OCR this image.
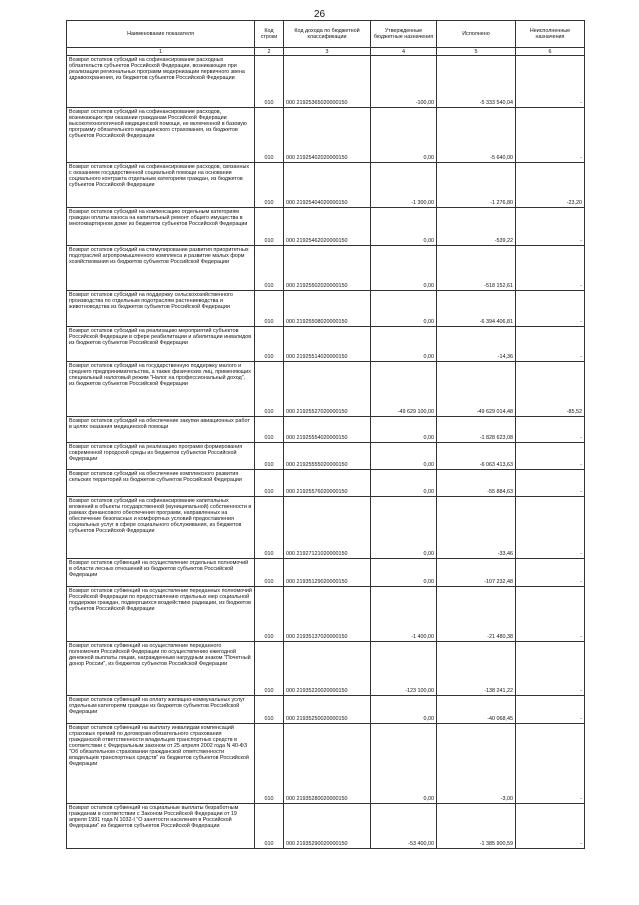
26
Наименование показателя	Код строки	Код дохода по бюджетной классификации	Утвержденные бюджетные назначения	Исполнено	Неисполненные назначения
1	2	3	4	5	6
Возврат остатков субсидий на софинансирование расходных обязательств субъектов Российской Федерации, возникающих при реализации региональных программ модернизации первичного звена здравоохранения, из бюджетов субъектов Российской Федерации	010	000 21925365020000150	-100,00	-5 333 540,04	-
Возврат остатков субсидий на софинансирование расходов, возникающих при оказании гражданам Российской Федерации высокотехнологичной медицинской помощи, не включенной в базовую программу обязательного медицинского страхования, из бюджетов субъектов Российской Федерации	010	000 21925402020000150	0,00	-5 640,00	-
Возврат остатков субсидий на софинансирование расходов, связанных с оказанием государственной социальной помощи на основании социального контракта отдельным категориям граждан, из бюджетов субъектов Российской Федерации	010	000 21925404020000150	-1 300,00	-1 276,80	-23,20
Возврат остатков субсидий на компенсацию отдельным категориям граждан оплаты взноса на капитальный ремонт общего имущества в многоквартирном доме из бюджетов субъектов Российской Федерации	010	000 21925462020000150	0,00	-539,22	-
Возврат остатков субсидий на стимулирование развития приоритетных подотраслей агропромышленного комплекса и развитие малых форм хозяйствования из бюджетов субъектов Российской Федерации	010	000 21925502020000150	0,00	-518 152,61	-
Возврат остатков субсидий на поддержку сельскохозяйственного производства по отдельным подотраслям растениеводства и животноводства из бюджетов субъектов Российской Федерации	010	000 21925508020000150	0,00	-6 394 406,81	-
Возврат остатков субсидий на реализацию мероприятий субъектов Российской Федерации в сфере реабилитации и абилитации инвалидов из бюджетов субъектов Российской Федерации	010	000 21925514020000150	0,00	-14,36	-
Возврат остатков субсидий на государственную поддержку малого и среднего предпринимательства, а также физических лиц, применяющих специальный налоговый режим "Налог на профессиональный доход", из бюджетов субъектов Российской Федерации	010	000 21925527020000150	-49 629 100,00	-49 629 014,48	-85,52
Возврат остатков субсидий на обеспечение закупки авиационных работ в целях оказания медицинской помощи	010	000 21925554020000150	0,00	-1 828 623,08	-
Возврат остатков субсидий на реализацию программ формирования современной городской среды из бюджетов субъектов Российской Федерации	010	000 21925555020000150	0,00	-6 063 413,63	-
Возврат остатков субсидий на обеспечение комплексного развития сельских территорий из бюджетов субъектов Российской Федерации	010	000 21925576020000150	0,00	-55 884,63	-
Возврат остатков субсидий на софинансирование капитальных вложений в объекты государственной (муниципальной) собственности в рамках финансового обеспечения программ, направленных на обеспечение безопасных и комфортных условий предоставления социальных услуг в сфере социального обслуживания, из бюджетов субъектов Российской Федерации	010	000 21927121020000150	0,00	-33,46	-
Возврат остатков субвенций на осуществление отдельных полномочий в области лесных отношений из бюджетов субъектов Российской Федерации	010	000 21935129020000150	0,00	-107 232,48	-
Возврат остатков субвенций на осуществление переданных полномочий Российской Федерации по предоставлению отдельных мер социальной поддержки граждан, подвергшихся воздействию радиации, из бюджетов субъектов Российской Федерации	010	000 21935137020000150	-1 400,00	-21 480,38	-
Возврат остатков субвенций на осуществление переданного полномочия Российской Федерации по осуществлению ежегодной денежной выплаты лицам, награжденным нагрудным знаком "Почетный донор России", из бюджетов субъектов Российской Федерации	010	000 21935220020000150	-123 100,00	-138 241,22	-
Возврат остатков субвенций на оплату жилищно-коммунальных услуг отдельным категориям граждан из бюджетов субъектов Российской Федерации	010	000 21935250020000150	0,00	-40 068,45	-
Возврат остатков субвенций на выплату инвалидам компенсаций страховых премий по договорам обязательного страхования гражданской ответственности владельцев транспортных средств в соответствии с Федеральным законом от 25 апреля 2002 года N 40-ФЗ "Об обязательном страховании гражданской ответственности владельцев транспортных средств" из бюджетов субъектов Российской Федерации	010	000 21935280020000150	0,00	-3,00	-
Возврат остатков субвенций на социальные выплаты безработным гражданам в соответствии с Законом Российской Федерации от 19 апреля 1991 года N 1032-I "О занятости населения в Российской Федерации" из бюджетов субъектов Российской Федерации	010	000 21935290020000150	-53 400,00	-1 385 900,59	-
